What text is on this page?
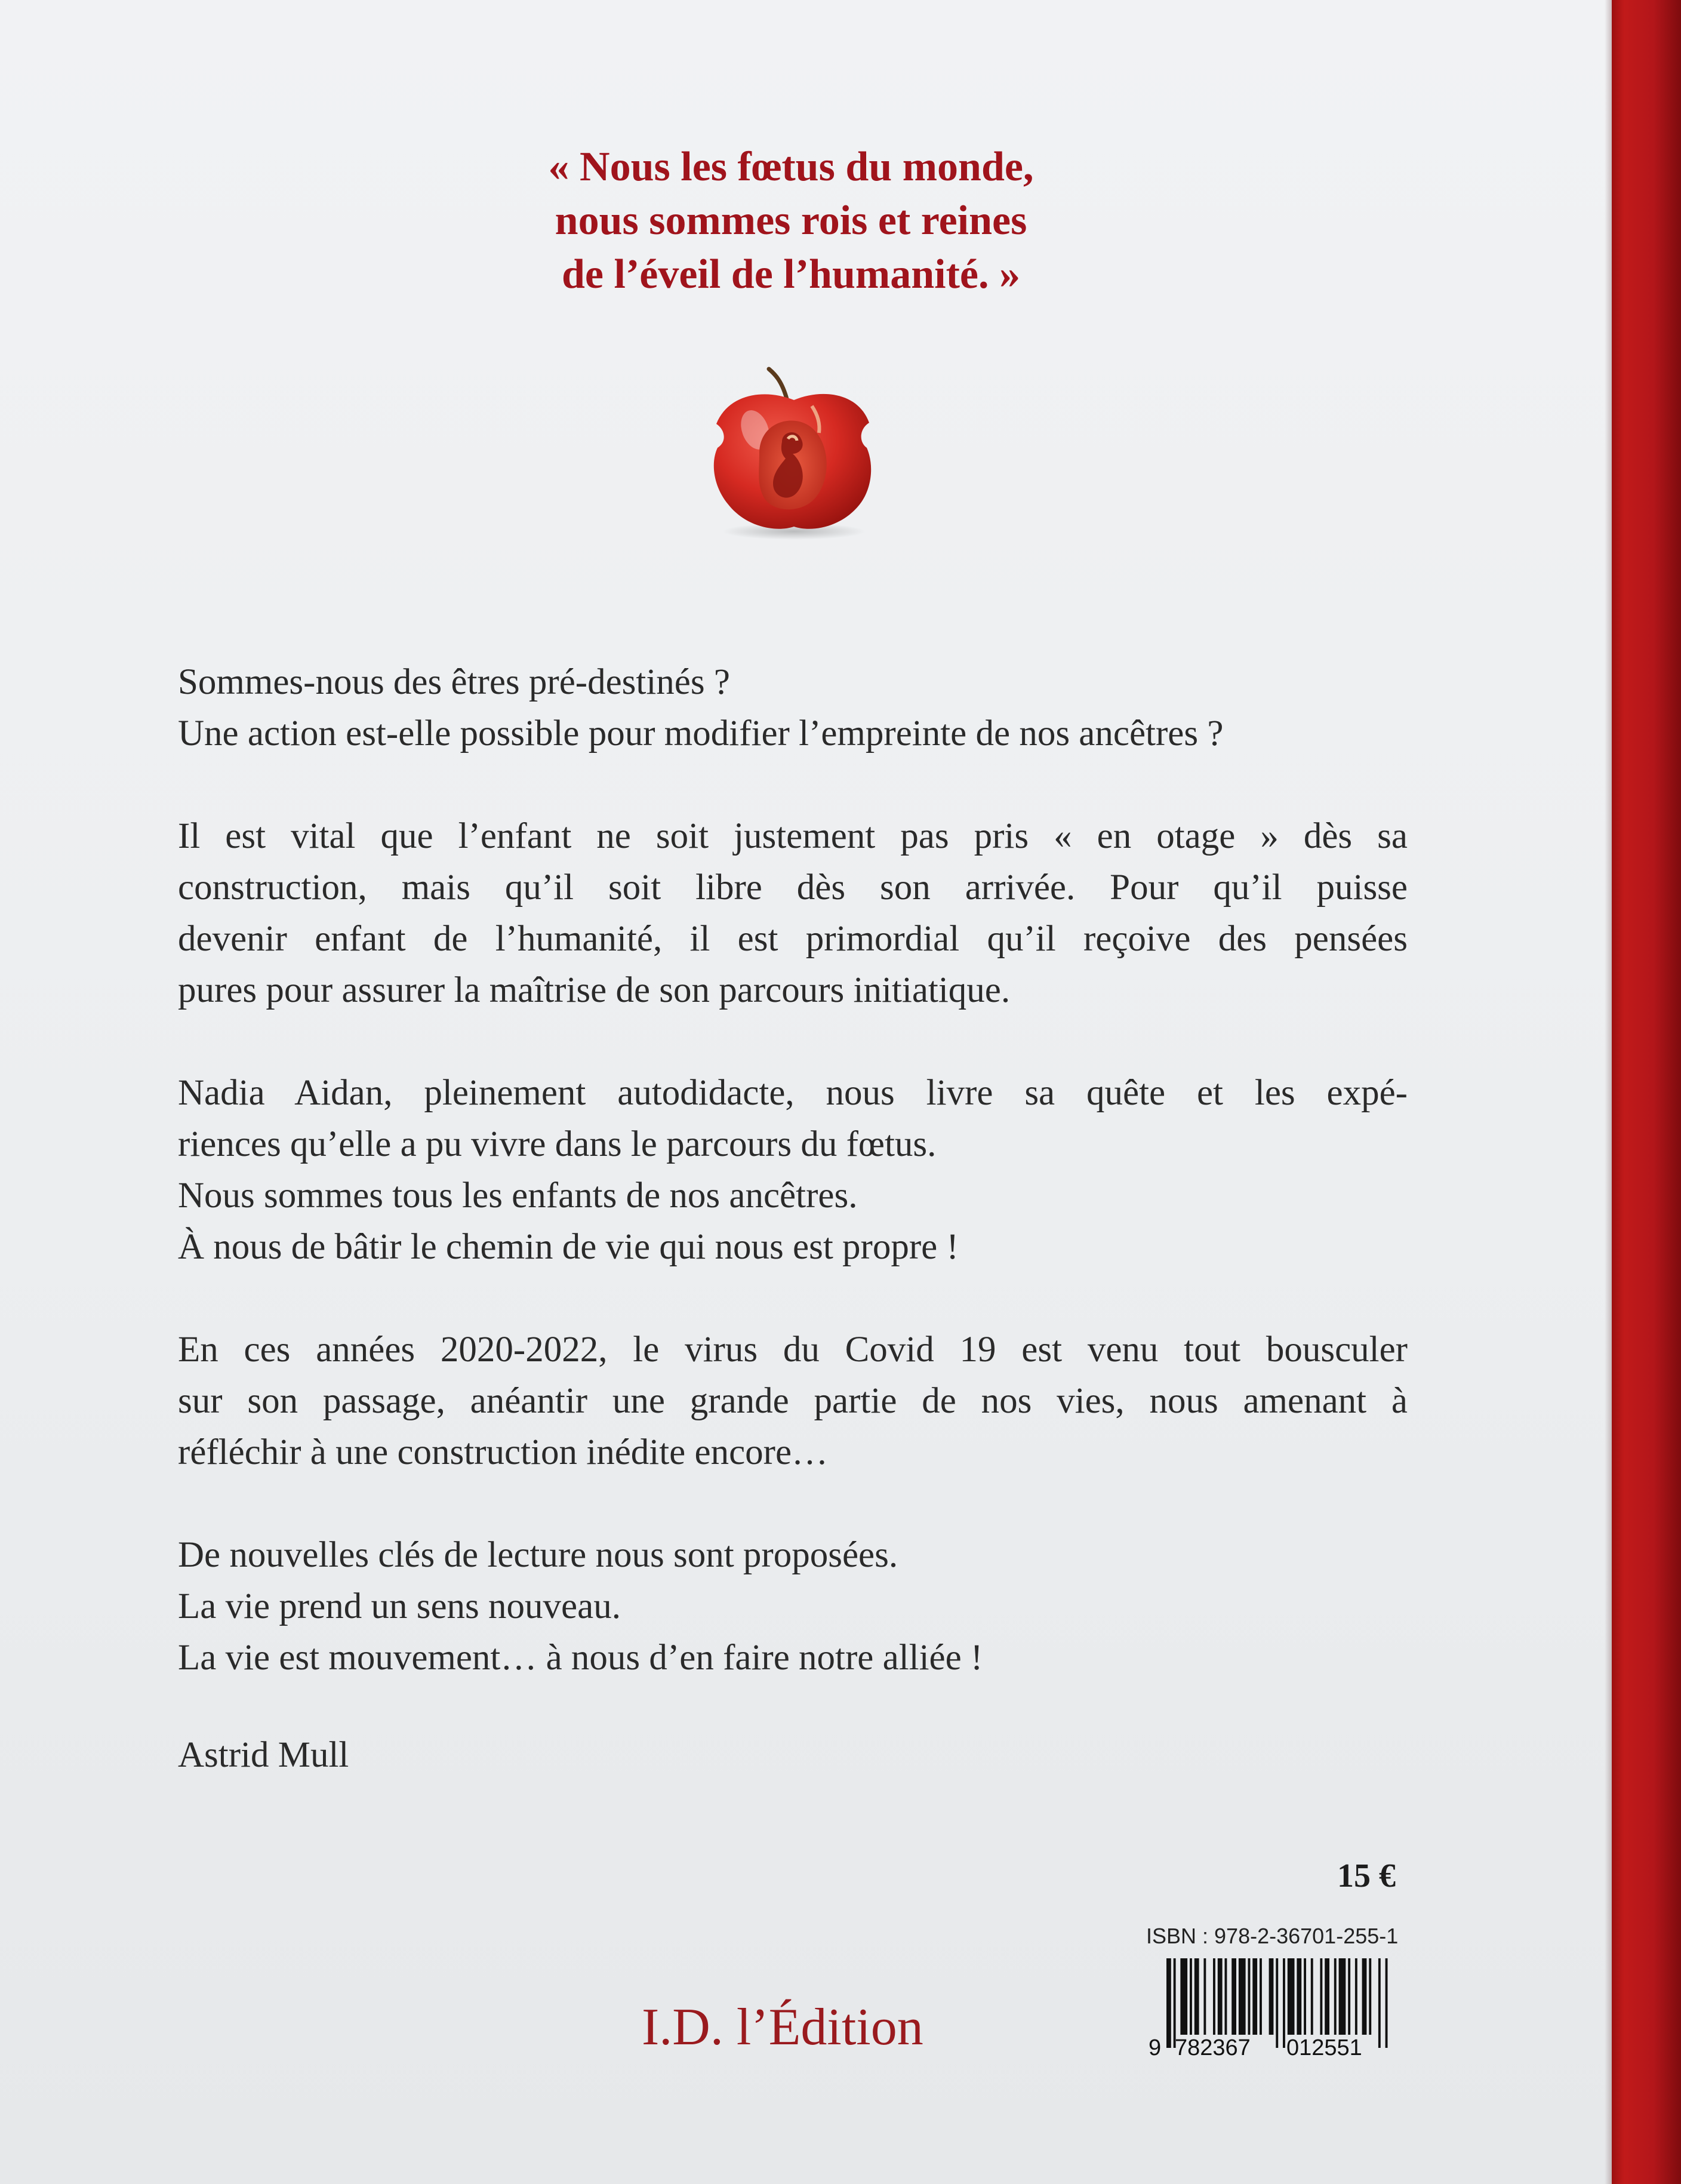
« Nous les fœtus du monde,
nous sommes rois et reines
de l’éveil de l’humanité. »
Sommes-nous des êtres pré-destinés ?
Une action est-elle possible pour modifier l’empreinte de nos ancêtres ?
Il est vital que l’enfant ne soit justement pas pris « en otage » dès sa
construction, mais qu’il soit libre dès son arrivée. Pour qu’il puisse
devenir enfant de l’humanité, il est primordial qu’il reçoive des pensées
pures pour assurer la maîtrise de son parcours initiatique.
Nadia Aidan, pleinement autodidacte, nous livre sa quête et les expé-
riences qu’elle a pu vivre dans le parcours du fœtus.
Nous sommes tous les enfants de nos ancêtres.
À nous de bâtir le chemin de vie qui nous est propre !
En ces années 2020-2022, le virus du Covid 19 est venu tout bousculer
sur son passage, anéantir une grande partie de nos vies, nous amenant à
réfléchir à une construction inédite encore…
De nouvelles clés de lecture nous sont proposées.
La vie prend un sens nouveau.
La vie est mouvement… à nous d’en faire notre alliée !
Astrid Mull
15 €
ISBN : 978-2-36701-255-1
9 782367 012551
I.D. l’Édition
